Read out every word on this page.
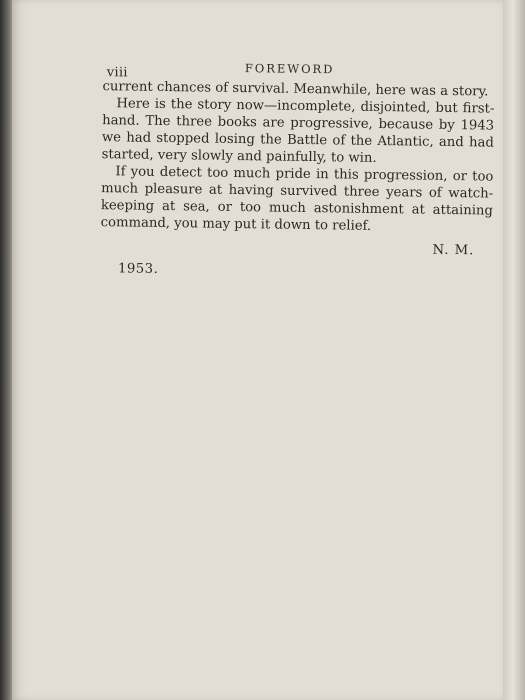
viii	FOREWORD

current chances of survival. Meanwhile, here was a story.

Here is the story now—incomplete, disjointed, but first-hand. The three books are progressive, because by 1943 we had stopped losing the Battle of the Atlantic, and had started, very slowly and painfully, to win.

If you detect too much pride in this progression, or too much pleasure at having survived three years of watch-keeping at sea, or too much astonishment at attaining command, you may put it down to relief.

N. M.
1953.
